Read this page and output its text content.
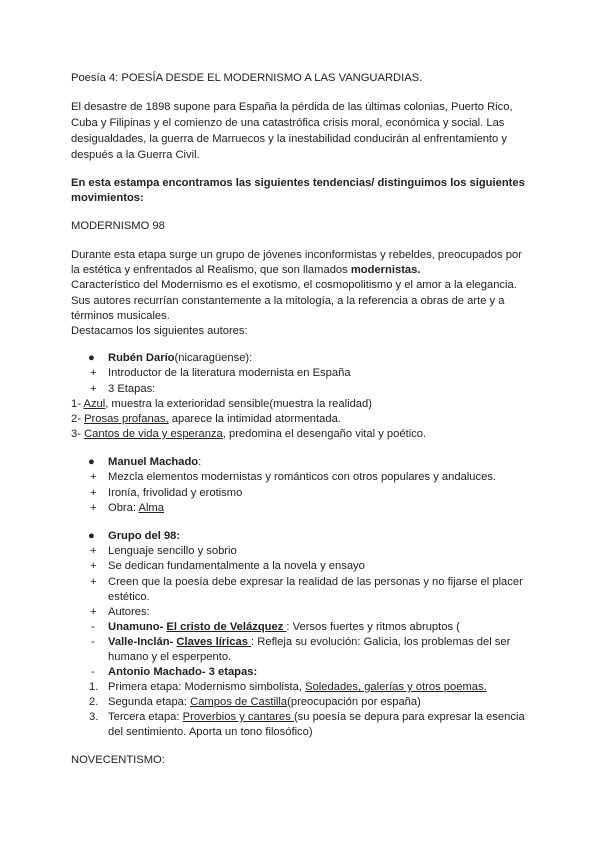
Poesía 4: POESÍA DESDE EL MODERNISMO A LAS VANGUARDIAS.
El desastre de 1898 supone para España la pérdida de las últimas colonias, Puerto Rico,
Cuba y Filipinas y el comienzo de una catastrófica crisis moral, económica y social. Las
desigualdades, la guerra de Marruecos y la inestabilidad conducirán al enfrentamiento y
después a la Guerra Civil.
En esta estampa encontramos las siguientes tendencias/ distinguimos los siguientes
movimientos:
MODERNISMO 98
Durante esta etapa surge un grupo de jóvenes inconformistas y rebeldes, preocupados por
la estética y enfrentados al Realismo, que son llamados modernistas.
Característico del Modernismo es el exotismo, el cosmopolitismo y el amor a la elegancia.
Sus autores recurrían constantemente a la mitología, a la referencia a obras de arte y a
términos musicales.
Destacamos los siguientes autores:
● Rubén Darío(nicaragüense):
+ Introductor de la literatura modernista en España
+ 3 Etapas:
1- Azul, muestra la exterioridad sensible(muestra la realidad)
2- Prosas profanas, aparece la intimidad atormentada.
3- Cantos de vida y esperanza, predomina el desengaño vital y poético.
● Manuel Machado:
+ Mezcla elementos modernistas y románticos con otros populares y andaluces.
+ Ironía, frivolidad y erotismo
+ Obra: Alma
● Grupo del 98:
+ Lenguaje sencillo y sobrio
+ Se dedican fundamentalmente a la novela y ensayo
+ Creen que la poesía debe expresar la realidad de las personas y no fijarse el placer
estético.
+ Autores:
- Unamuno- El cristo de Velázquez : Versos fuertes y ritmos abruptos (
- Valle-Inclán- Claves líricas : Refleja su evolución: Galicia, los problemas del ser
humano y el esperpento.
- Antonio Machado- 3 etapas:
1. Primera etapa: Modernismo simbolista, Soledades, galerías y otros poemas.
2. Segunda etapa: Campos de Castilla(preocupación por españa)
3. Tercera etapa: Proverbios y cantares (su poesía se depura para expresar la esencia
del sentimiento. Aporta un tono filosófico)
NOVECENTISMO:
